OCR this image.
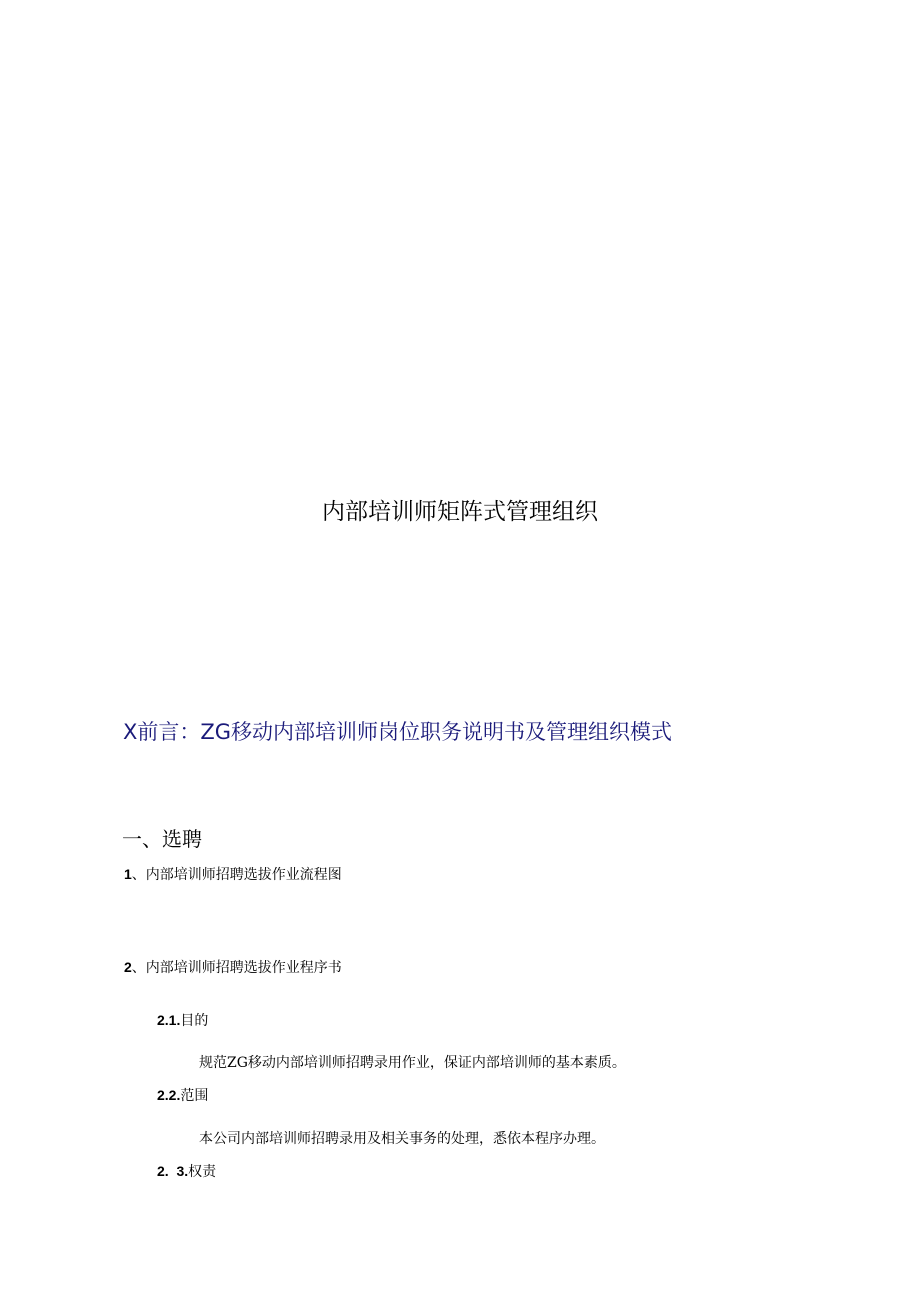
内部培训师矩阵式管理组织
X前言：ZG移动内部培训师岗位职务说明书及管理组织模式
一、选聘
1、内部培训师招聘选拔作业流程图
2、内部培训师招聘选拔作业程序书
2.1.目的
规范ZG移动内部培训师招聘录用作业，保证内部培训师的基本素质。
2.2.范围
本公司内部培训师招聘录用及相关事务的处理，悉依本程序办理。
2.  3.权责
